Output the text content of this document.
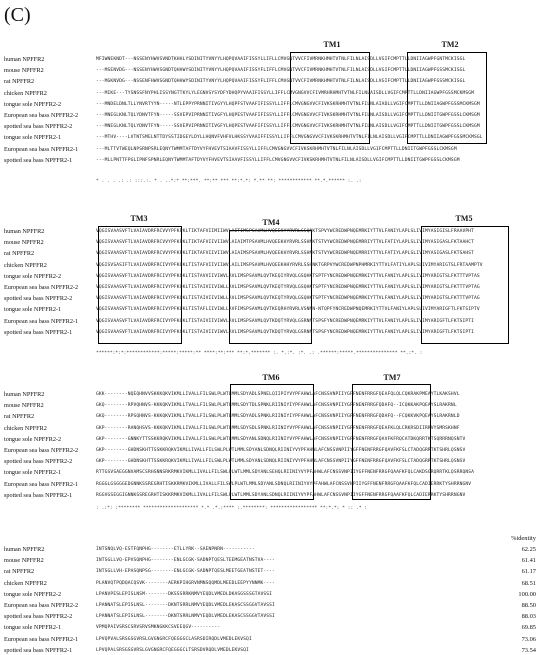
(C)
TM1	TM2
human NPFFR2	MFIWNEKNDT---NSSENYHWVSVNDTKHHLYSDINITYVNYYLHQPQVAAIFISSYLLIFLLCMVGNTVVCFIVMRNKHMHTVTNLFILNLAISDLLVGIFCMPTTLLDNIIAGWPFGNTMCKISGL
mouse NPFFR2	---MSENVDG---NSSENYHWVSGNDTQHHWYSDINITYVNYYLHQPQVAAIFISSYFLIFFLCMVGNTVVCFIVMRNKHMHTVTNLFILNLAISDLLVGIFCMPTTLLDNIIAGWPFGSSMCKISGL
rat NPFFR2	---MGKNVDG---NSSENFHWVSGNDTQHHWYSDINITYVNYYLHQPQVAAIFISSYFLIFFLCMVGNTVVCFIVMRNKHMHTVTNLFILNLAISDLLVGIFCMPTTLLDNIIAGWPFGSSMCKISGL
chicken NPFFR2	---MIKE---TYSNSSFNYPHLISSYNGTTKYLYLEGNVSYSYDFYDHQPYVAAIFISSYLLIFFLCMVGNGVVCFIVMRHRHMHTVTNLFILNLAISDLLVGIFCMPTTLLDNIIAGWPFGSSMCKMSGM
tongue sole NPFFR2-2	---MNDELDNLTLLYNVRTYYN-----NTLEPPYPRNNITIVGYYLHQPFSTVAAFIFISSYLLIFFLCMVGNGVVCFIVKSKRHMHTVTNLFILNLAIADLLVGIFCMPTTLLDNIIAGWPFGSSMCKMSGM
European sea bass NPFFR2-2	---MNEGLKNLTQLYDNVTFYN-----SSVEPVIPRNNITIVGFYLHQPESTVAAFIFISSYLLIFFLCMVGNGVVCFIVKSKRHMHTVTNLFILNLAISDLLVGIFCMPTTLLDNIITGWPFGSSLCKMSGM
spotted sea bass NPFFR2-2	---MNEGLKNLTQLYDNVTFYN-----SSVEPVIPRNNITIVGFYLHQPESTVAAFIFISSYLLIFFLCMVGNGVVCFIVKSKRHMHTVTNLFILNLAISDLLVGIFCMPTTLLDNIITGWPFGSSLCKMSGM
tongue sole NPFFR2-1	---MTHV----LVTNTSMELNTTDYSSTIDGEYLDYLLHQNVFVHFVLHKSSYVAAIFFISSYLLIFFLCMVGNGVVCFIVKSKRHMHTVTNLFILNLAISDLLVGIFCMPTTLLDNIIAGWPFGSSMCKMSGL
European sea bass NPFFR2-1	---MLTTVTWEQLNPSRNPSRLEQNYTWMMTAFTDYVYFHVEVTSIAAVFISSYLLIFFLCMVGNGVVCFIVKSKRHMHTVTNLFILNLAISDLLVGIFCMPTTLLDNIITGWPFGSSLCKMSGM
spotted sea bass NPFFR2-1	---MLLPNTTFPGLIPNFSPNRLEQNYTWMMTAFTDYVYFHVEVTSIAAVFISSYLLIFFLCMVGNGVVCFIVKSKRHMHTVTNLFILNLAISDLLVGIFCMPTTLLDNIITGWPFGSSLCKMSGM
* . . . .: .: :::.:. * . ..*:* **:***. **:** *** **:*.*: *.** **: ************ **.*.****** :. .:
TM3	TM4	TM5
human NPFFR2	VQGISVAASVFTLVAIAVDRFRCVVYPFKPKLTIKTAFVIIMIIWVLAITIMSPSAVMLHVQEEKYYRVRLSSQNKTSPVYWCREDWPNQEMRKIYTTVLFANIYLAPLSLIVIMYASIGISLFRAAVPHT
mouse NPFFR2	VQGISVAASVFTLVAIAVDRFRCVVYPFKPKLTIKTAFVIIVIIWVLAIAIMTPSAVMLHVQEEKHYRVRLSSHNKTSTVYWCREDWPNQEMRRIYTTVLFATIYLAPLSLIVIMYASIGASLFKTAAHCT
rat NPFFR2	VQGISVAASVFTLVAIAVDRFRCVVYPFKPKLTIKTAFVIIVIIWVLAIAIMSPSAVMLHVQEEKHYRVRLSSHNKTSTVYWCREDWPNQEMRRIYTTVLFATIYLAPLSLIVIMYASIGASLFKTSAHST
chicken NPFFR2	VQGISVSASIFTLVAIAVDRFRCIVYPFKQKLTISTAFVIIVIIWVLAILIMSPSAVMLHVQEEKHHYRVRLSSHNKTGRPVYWCREDWPNPHMRKIYTTVLFATIYLAPLSLIVIMYARIGTSLFRTAAMPTV
tongue sole NPFFR2-2	VQGISVAASVFTLVAIAVDRFRCIVYPFKQKLTISTAVVIIVIWVLAVLIMSPSAVMLQVTKEQIYRVQLGSQHKTSPTFYNCREDWPNQEMRKIYTTVLFANIYLAPLSLIVIMYARIGTSLFKTTTVPTAS
European sea bass NPFFR2-2	VQGISVAASVFTLVAIAVDRFRCIVYPFKQKLTISTAIVIIVIWLLAVLIMSPSAVMLQVTKEQTYRVQLGSQHKTSPTFYNCREDWPNQEMRKIYTTVLFANIYLAPLSLIVIMYARIGTSLFKTTTVPTAG
spotted sea bass NPFFR2-2	VQGISVAASVFTLVAIAVDRFRCIVYPFKQKLTISTAIVIIVIWLLAVLIMSPSAVMLQVTKEQTYRVQLGSQHKTSPTFYNCREDWPNQEMRKIYTTVLFANIYLAPLSLIVIMYARIGTSLFKTTTVPTAG
tongue sole NPFFR2-1	VQGISVAASVFTLVAIAVDRFRCIVYPFKQKLTISTAFLIIVIWLLAVFIMSPSAVMLQVTKEQRHYRVRLVSNNN-NTQPFYNCREDWPNQEMRKIYTTVLFANIYLAPLSLIVIMYARIGFTLFKTSIPTV
European sea bass NPFFR2-1	VQGISVAASVFTLVAIAVDRFRCIVYPFKQKLTISTAIVIIVIWVLAVLIMSPSAVMLQVTKDQTYRVQLGSRNNTSPSFYNCREDWPNQEMRKIYTTVLFANIYLAPLSLIVIMYARIGFTLFKTSIPTI
spotted sea bass NPFFR2-1	VQGISVAASVFTLVAIAVDRFRCIVYPFKQKLTISTAIVIIVIWVLAVLIMSPSAVMLQVTKDQTYRVQLGSRNNTSPSFYNCREDWPNQEMRKIYTTVLFANIYLAPLSLIVIMYARIGFTLFKTSIPTI
******:*:*:************:*****:*****:** ****:**:*** **:*.******* :. *.:*. :*. .: .******:*****.*************** **.:*. :
TM6	TM7
human NPFFR2	GKK--------NQEQHNVVSKKKQKVIKMLLIVALLFILSWLPLWTLMMLSDYADLSPNELQIIPIYVYPFAHWLAFCNSSVNPIIYGFFNENFRRGFQEAFQLQLCQKRAKPMEAYTLKAKSHVL
mouse NPFFR2	GKQ--------RPVQHNVS-KKKQKVIKMLLTVALLFILSWLPLWTLMMLSDYTDLSPNKLRIINIYIYPFAHWLAFCNSSVNPIIYGFFNENFRRGFQDAFQ--ICQKKAKPQEAYSLRAKRNL
rat NPFFR2	GKQ--------RPSQHNVS-KKKQKVIKMLLTVALLFILSWLPLWTLMMLSDYADLSPNKLRIINIYIYPFAHWLAFCNSSVNPIIYGFFNENFRRGFQDAFQ--FCQKKVKPQEAYSLRAKRNLD
chicken NPFFR2	GKP--------RANQHSVS-KKKQKVIKMLLIVALLFILSWLPLWTLMMLSDYSDLSPNKLRIINIYVYPFAHWLAFCNSSVNPIIYGFFNENFRRGFQEAFKLQLCRKRSDIIRRVYSMRSKHNF
tongue sole NPFFR2-2	GKP--------GNNKYTTSSKKRQKVIKMLLIVALLFILSWLPLWTLMMLSDYANLSDNQLRIINIYVYPFAHWLAFCNSSVNPIIYGFFNENFRRGFQAVFKFRQCATDKQRRTKTSQRRRNQSNTV
European sea bass NPFFR2-2	GKP--------GHDNSKHTTSSKKRQKVIKMLLIVALLFILSWLPLWTLMMLSDYANLSDNQLRIINIYVYPFAHWLAFCNSSVNPIIYGFFNENFRRGFQAVFKFSLCTADQGRRTKTSHRLQSNSV
spotted sea bass NPFFR2-2	GKP--------GHDNSKHTTSSKKRQKVIKMLLIVALLFILSWLPLWTLMMLSDYANLSDNQLRIINIYVYPFAHWLAFCNSSVNPIIYGFFNENFRRGFQAVFKFSLCTADQGRRTKTSHRLQSNSV
tongue sole NPFFR2-1	RTTGSVSAEGGNVAMSCSRHSNNSRKRMKVIKMLLIVALLFILSWLPLWTLMMLSDYANLSEHQLRIINIYVYPFAHWLAFCNSSVNPIIYGFFNENFRRGFQAAFKFQLCAKDSGRQRRTKLQSRRQNSA
European sea bass NPFFR2-1	RGGGLGSGGGEDGNNKSSREGRHTISKKRMKVIKMLLIVALLFILSWLPLWTLMMLSDYANLSDNQLRIINIYVYPFAHWLAFCNSSVNPIIYGFFNENFRRGFQAAFKFQLCADIERRKTYSHRRNGNV
spotted sea bass NPFFR2-1	RGGVGSEGGIGNNKSSREGRHTISKKRMKVIKMLLIVALLFILSWLPLWTLMMLSDYANLSDNQLRIINIYVYPFAHWLAFCNSSVNPIIYGFFNENFRRGFQAAFKFQLCADIERRKTYSHRRNGNV
: .:*: :******** ******************** *.* .*.:**** :.********: ***************** **:*.*: * :: .* :
%identity
human NPFFR2	INTSNQLVQ-ESTFQNPHG--------ETLLYRK--SAENPNRN-----------	62.25
mouse NPFFR2	INTSGLLVQ-EPVSQNPHG--------ENLGCGK-SADNPTQESLTEEMGEATNSTVA----	61.41
rat NPFFR2	INTSGLLVH-EPASQNPSG--------ENLGCGK-SADNPTQESLMEETGEATNSTET----	61.17
chicken NPFFR2	PLANVQTPQDQACQSVK--------AERKPIHGRVNMNSQQMDLMEEDLEEPYYNNMK----	68.51
tongue sole NPFFR2-2	LPANVPESLEPISLNSM--------DKSSSRRKNMVYEQDLVMEDLDKASGSSSGTAVSSI	100.00
European sea bass NPFFR2-2	LPANNATSLEPISLNSL--------DKNTSRRLNMVYEQDLVMEDLEKASCSSGGVTAVSSI	88.50
spotted sea bass NPFFR2-2	LPANNATSLEPISLNSL--------DKNTSRRLNMVYEQDLVMEDLEKASCSSGGVTAVSSI	88.03
tongue sole NPFFR2-1	VPMQPAIVSRSCSRVSRVSMKNGKKCSVEEQGV----------	69.85
European sea bass NPFFR2-1	LPVQPVALSRSGSGVRSLGVGNGRCFQEGGGCLASRSDIRQDLVMEDLEKVSQI	73.06
spotted sea bass NPFFR2-1	LPVQPALSRSGSGVRSLGVGNGRCFQEGGGCLTSRSDVRQDLVMEDLEKVSQI	73.54
